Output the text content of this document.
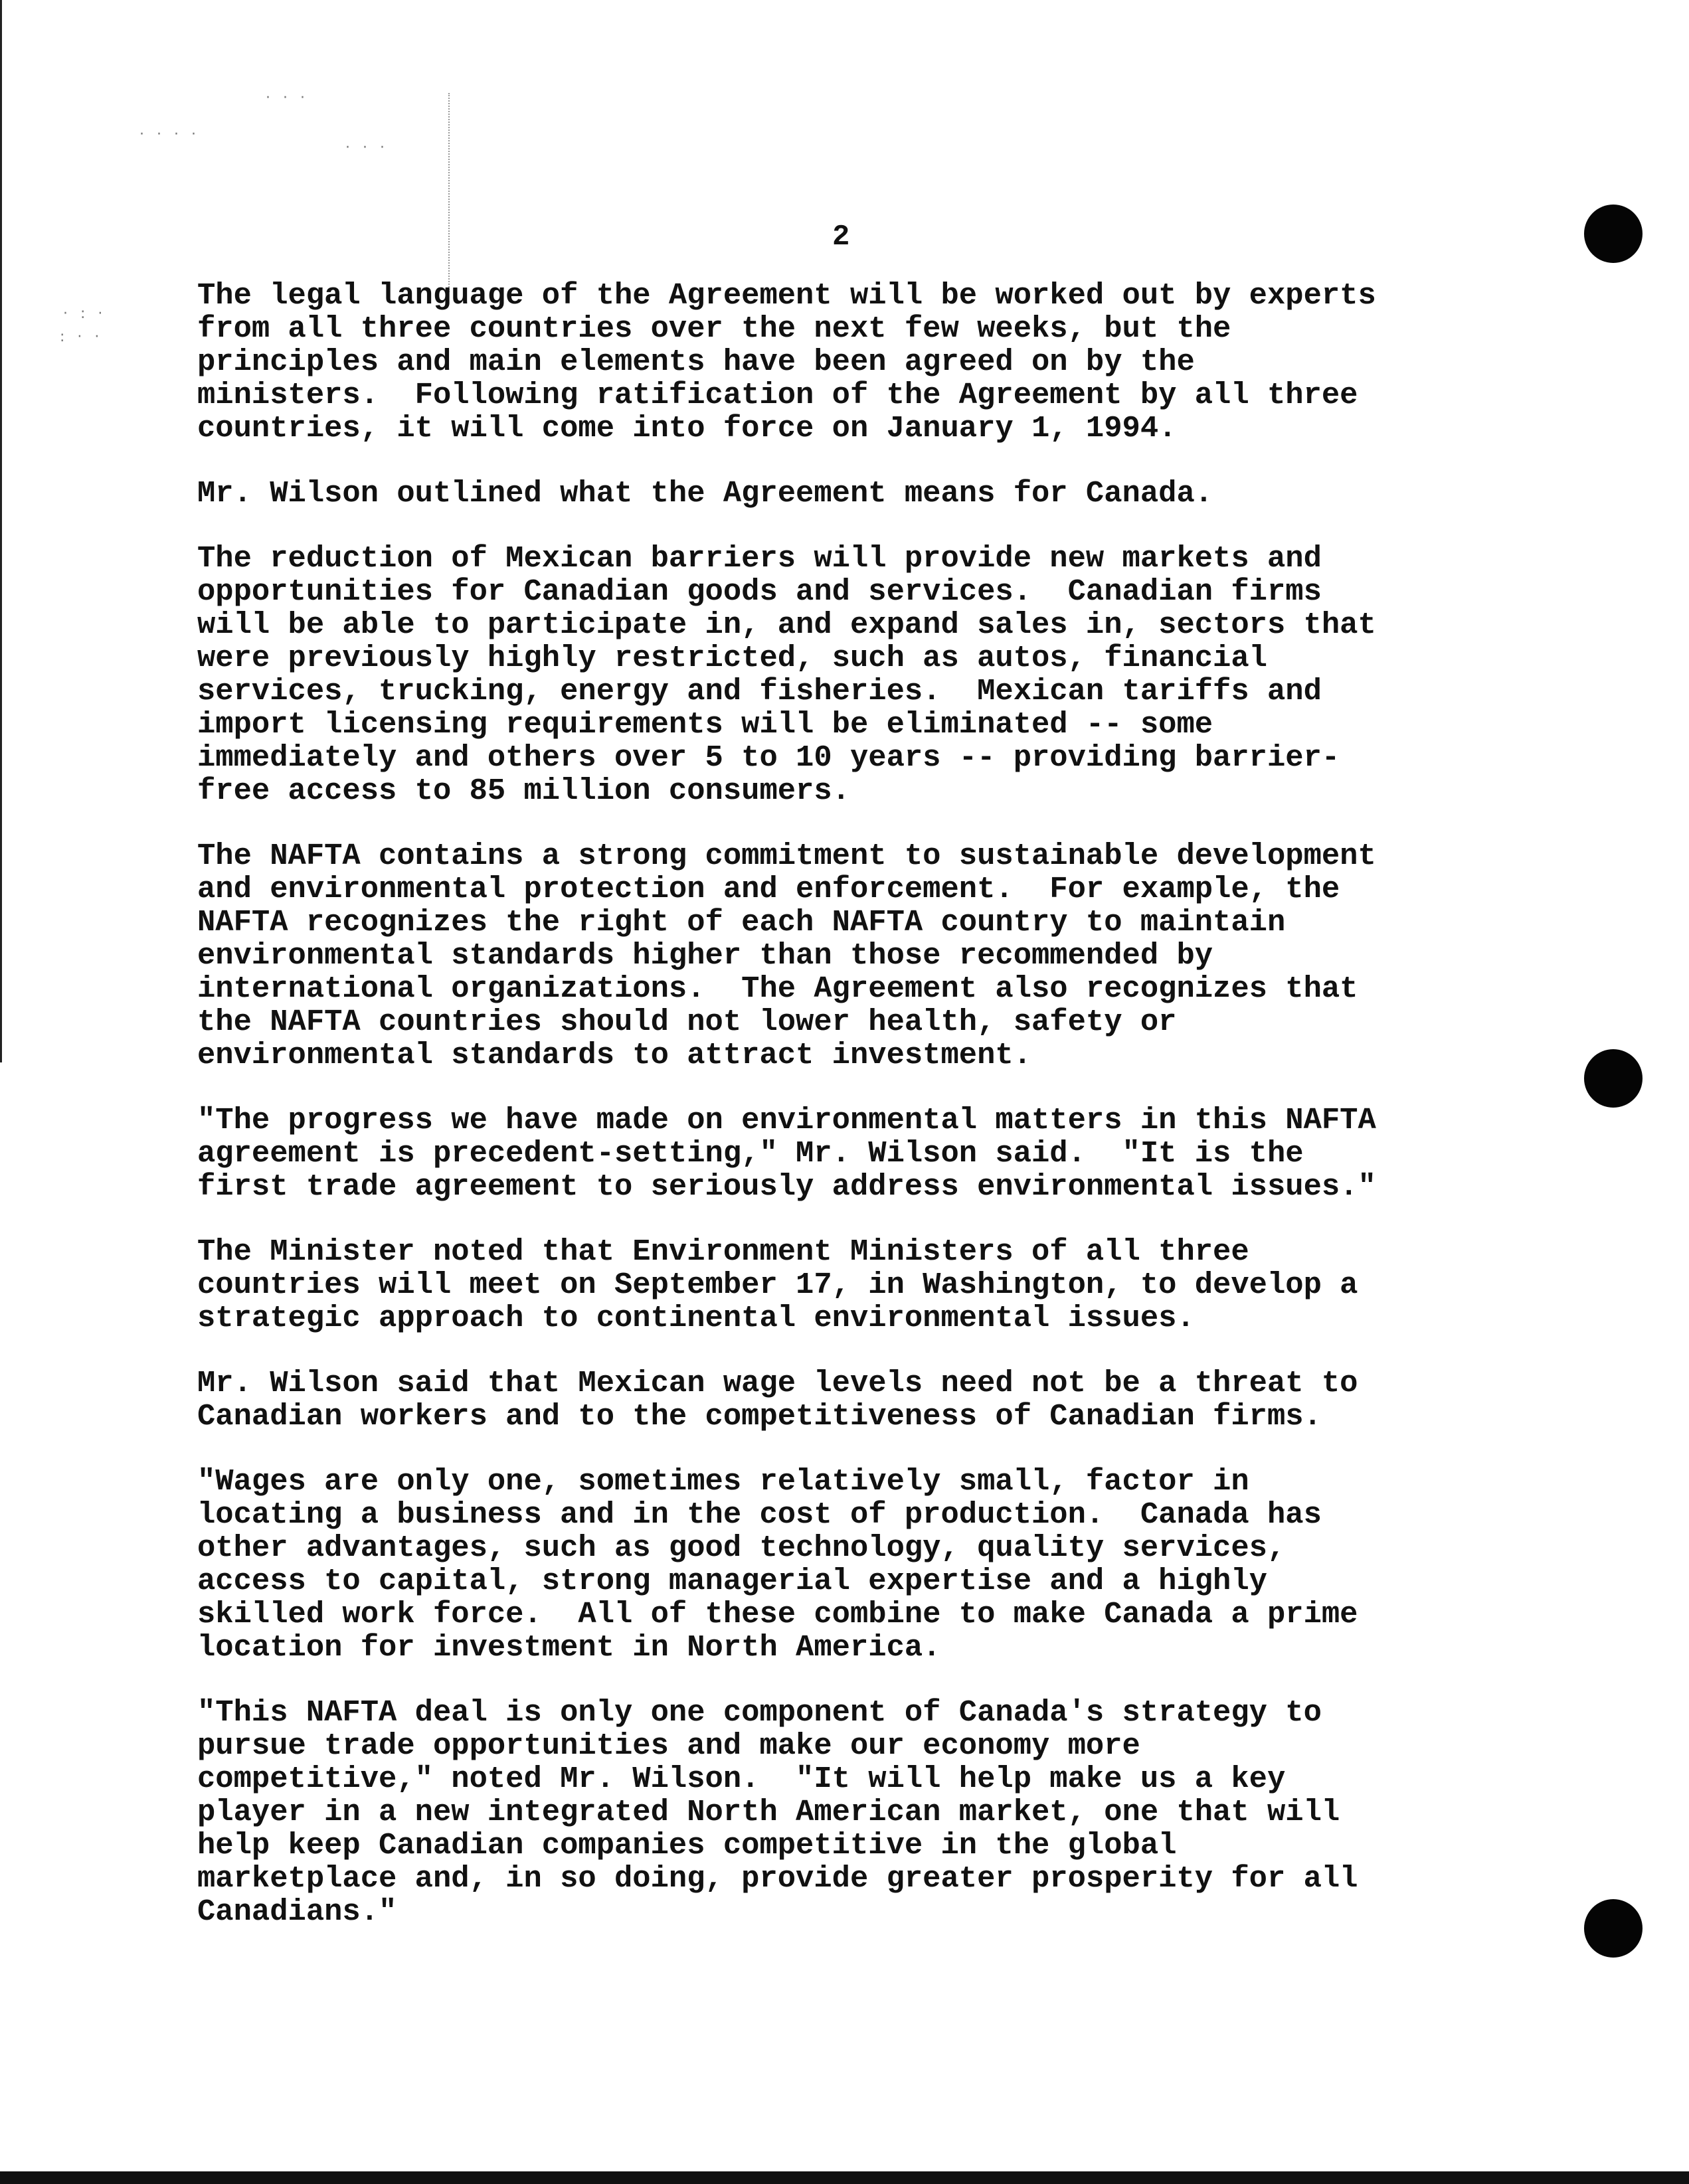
· · ·
· · · ·
· · ·
· : ·
: · ·
2
The legal language of the Agreement will be worked out by experts
from all three countries over the next few weeks, but the
principles and main elements have been agreed on by the
ministers.  Following ratification of the Agreement by all three
countries, it will come into force on January 1, 1994.
Mr. Wilson outlined what the Agreement means for Canada.
The reduction of Mexican barriers will provide new markets and
opportunities for Canadian goods and services.  Canadian firms
will be able to participate in, and expand sales in, sectors that
were previously highly restricted, such as autos, financial
services, trucking, energy and fisheries.  Mexican tariffs and
import licensing requirements will be eliminated -- some
immediately and others over 5 to 10 years -- providing barrier-
free access to 85 million consumers.
The NAFTA contains a strong commitment to sustainable development
and environmental protection and enforcement.  For example, the
NAFTA recognizes the right of each NAFTA country to maintain
environmental standards higher than those recommended by
international organizations.  The Agreement also recognizes that
the NAFTA countries should not lower health, safety or
environmental standards to attract investment.
"The progress we have made on environmental matters in this NAFTA
agreement is precedent-setting," Mr. Wilson said.  "It is the
first trade agreement to seriously address environmental issues."
The Minister noted that Environment Ministers of all three
countries will meet on September 17, in Washington, to develop a
strategic approach to continental environmental issues.
Mr. Wilson said that Mexican wage levels need not be a threat to
Canadian workers and to the competitiveness of Canadian firms.
"Wages are only one, sometimes relatively small, factor in
locating a business and in the cost of production.  Canada has
other advantages, such as good technology, quality services,
access to capital, strong managerial expertise and a highly
skilled work force.  All of these combine to make Canada a prime
location for investment in North America.
"This NAFTA deal is only one component of Canada's strategy to
pursue trade opportunities and make our economy more
competitive," noted Mr. Wilson.  "It will help make us a key
player in a new integrated North American market, one that will
help keep Canadian companies competitive in the global
marketplace and, in so doing, provide greater prosperity for all
Canadians."
